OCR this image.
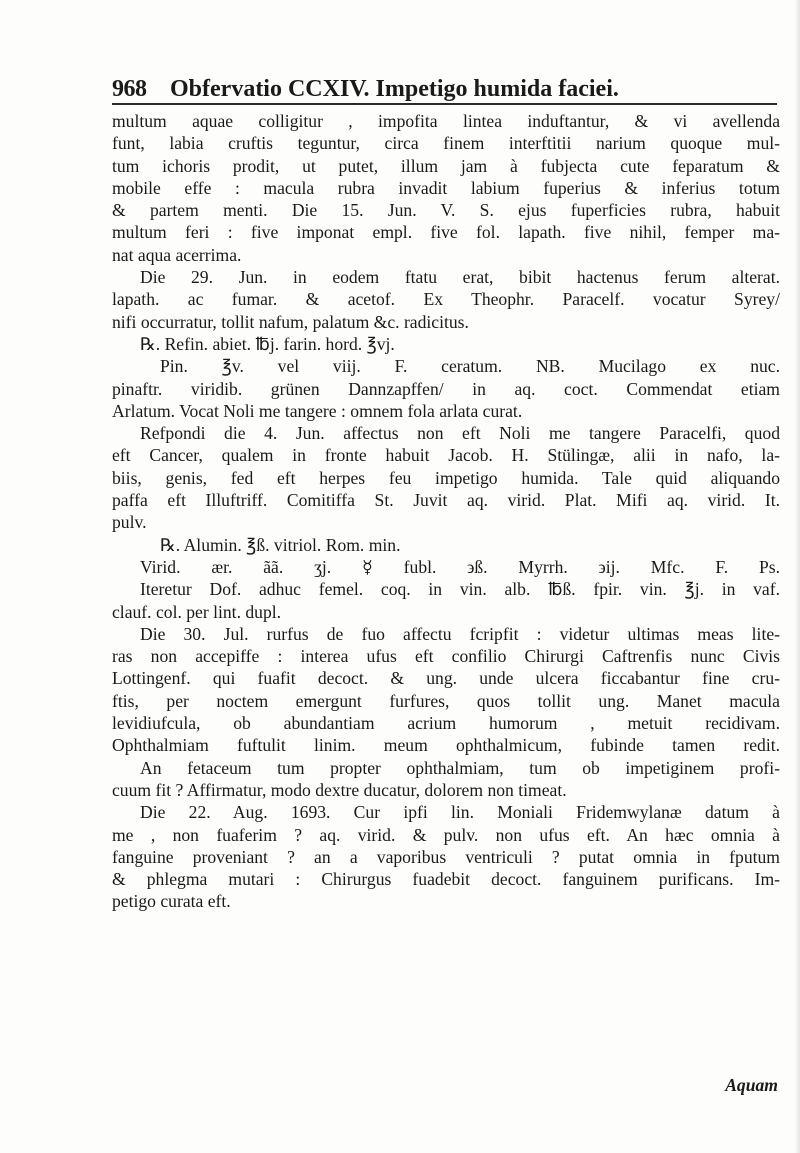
968 Obfervatio CCXIV. Impetigo humida faciei.
multum aquae colligitur , impofita lintea induftantur, & vi avellenda
funt, labia cruftis teguntur, circa finem interftitii narium quoque mul-
tum ichoris prodit, ut putet, illum jam à fubjecta cute feparatum &
mobile effe : macula rubra invadit labium fuperius & inferius totum
& partem menti. Die 15. Jun. V. S. ejus fuperficies rubra, habuit
multum feri : five imponat empl. five fol. lapath. five nihil, femper ma-
nat aqua acerrima.
Die 29. Jun. in eodem ftatu erat, bibit hactenus ferum alterat.
lapath. ac fumar. & acetof. Ex Theophr. Paracelf. vocatur Syrey/
nifi occurratur, tollit nafum, palatum &c. radicitus.
℞. Refin. abiet. ℔j. farin. hord. ℥vj.
Pin. ℥v. vel viij. F. ceratum. NB. Mucilago ex nuc.
pinaftr. viridib. grünen Dannzapffen/ in aq. coct. Commendat etiam
Arlatum. Vocat Noli me tangere : omnem fola arlata curat.
Refpondi die 4. Jun. affectus non eft Noli me tangere Paracelfi, quod
eft Cancer, qualem in fronte habuit Jacob. H. Stülingæ, alii in nafo, la-
biis, genis, fed eft herpes feu impetigo humida. Tale quid aliquando
paffa eft Illuftriff. Comitiffa St. Juvit aq. virid. Plat. Mifi aq. virid. It.
pulv.
℞. Alumin. ℥ß. vitriol. Rom. min.
Virid. ær. ãã. ʒj. ☿ fubl. ϶ß. Myrrh. ϶ij. Mfc. F. Ps.
Iteretur Dof. adhuc femel. coq. in vin. alb. ℔ß. fpir. vin. ℥j. in vaf.
clauf. col. per lint. dupl.
Die 30. Jul. rurfus de fuo affectu fcripfit : videtur ultimas meas lite-
ras non accepiffe : interea ufus eft confilio Chirurgi Caftrenfis nunc Civis
Lottingenf. qui fuafit decoct. & ung. unde ulcera ficcabantur fine cru-
ftis, per noctem emergunt furfures, quos tollit ung. Manet macula
levidiufcula, ob abundantiam acrium humorum , metuit recidivam.
Ophthalmiam fuftulit linim. meum ophthalmicum, fubinde tamen redit.
An fetaceum tum propter ophthalmiam, tum ob impetiginem profi-
cuum fit ? Affirmatur, modo dextre ducatur, dolorem non timeat.
Die 22. Aug. 1693. Cur ipfi lin. Moniali Fridemwylanæ datum à
me , non fuaferim ? aq. virid. & pulv. non ufus eft. An hæc omnia à
fanguine proveniant ? an a vaporibus ventriculi ? putat omnia in fputum
& phlegma mutari : Chirurgus fuadebit decoct. fanguinem purificans. Im-
petigo curata eft.
Aquam
